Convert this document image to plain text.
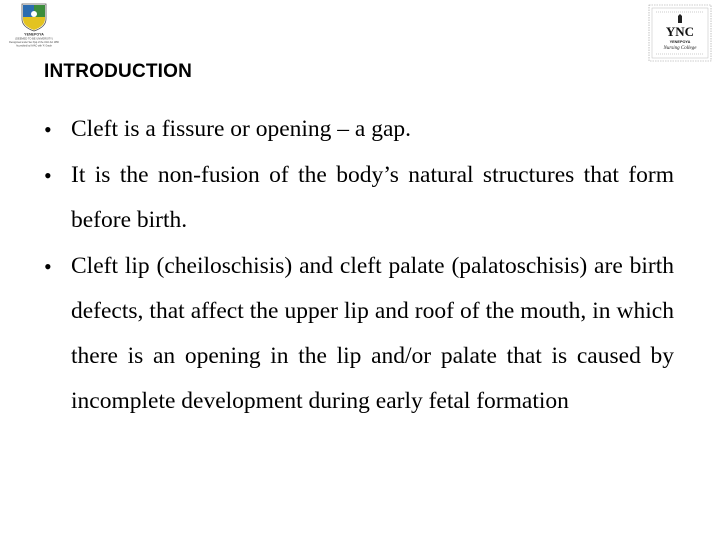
YENEPOYA
(DEEMED TO BE UNIVERSITY)
Recognised under Sec 3(a) of the UGC Act 1956
Accredited by NAAC with 'A' Grade
YNC
YENEPOYA
Nursing College
INTRODUCTION
• Cleft is a fissure or opening – a gap.
• It is the non-fusion of the body’s natural structures that form before birth.
• Cleft lip (cheiloschisis) and cleft palate (palatoschisis) are birth defects, that affect the upper lip and roof of the mouth, in which there is an opening in the lip and/or palate that is caused by incomplete development during early fetal formation
